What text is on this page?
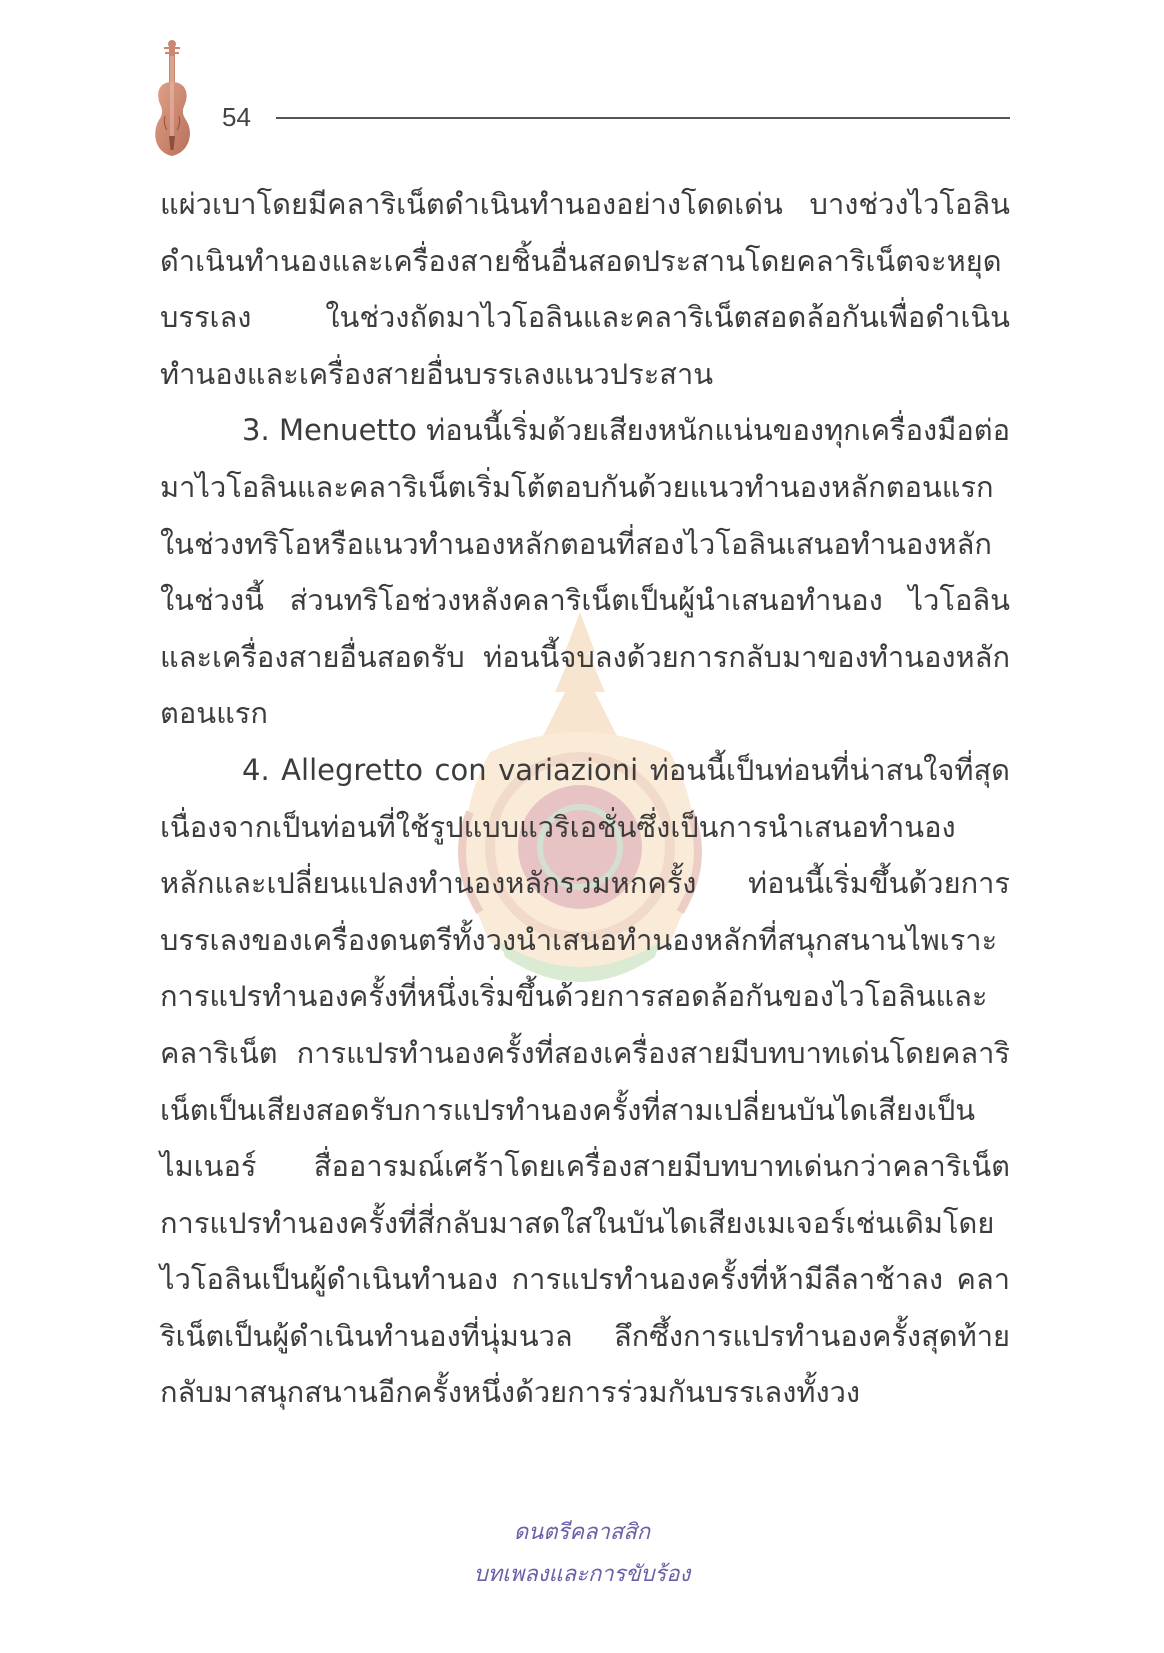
54

แผ่วเบาโดยมีคลาริเน็ตดำเนินทำนองอย่างโดดเด่น บางช่วงไวโอลินดำเนินทำนองและเครื่องสายชิ้นอื่นสอดประสานโดยคลาริเน็ตจะหยุดบรรเลง ในช่วงถัดมาไวโอลินและคลาริเน็ตสอดล้อกันเพื่อดำเนินทำนองและเครื่องสายอื่นบรรเลงแนวประสาน

3. Menuetto ท่อนนี้เริ่มด้วยเสียงหนักแน่นของทุกเครื่องมือต่อมาไวโอลินและคลาริเน็ตเริ่มโต้ตอบกันด้วยแนวทำนองหลักตอนแรกในช่วงทริโอหรือแนวทำนองหลักตอนที่สองไวโอลินเสนอทำนองหลักในช่วงนี้ ส่วนทริโอช่วงหลังคลาริเน็ตเป็นผู้นำเสนอทำนอง ไวโอลินและเครื่องสายอื่นสอดรับ ท่อนนี้จบลงด้วยการกลับมาของทำนองหลักตอนแรก

4. Allegretto con variazioni ท่อนนี้เป็นท่อนที่น่าสนใจที่สุดเนื่องจากเป็นท่อนที่ใช้รูปแบบแวริเอชั่นซึ่งเป็นการนำเสนอทำนองหลักและเปลี่ยนแปลงทำนองหลักรวมหกครั้ง ท่อนนี้เริ่มขึ้นด้วยการบรรเลงของเครื่องดนตรีทั้งวงนำเสนอทำนองหลักที่สนุกสนานไพเราะ การแปรทำนองครั้งที่หนึ่งเริ่มขึ้นด้วยการสอดล้อกันของไวโอลินและคลาริเน็ต การแปรทำนองครั้งที่สองเครื่องสายมีบทบาทเด่นโดยคลาริเน็ตเป็นเสียงสอดรับการแปรทำนองครั้งที่สามเปลี่ยนบันไดเสียงเป็นไมเนอร์ สื่ออารมณ์เศร้าโดยเครื่องสายมีบทบาทเด่นกว่าคลาริเน็ต การแปรทำนองครั้งที่สี่กลับมาสดใสในบันไดเสียงเมเจอร์เช่นเดิมโดยไวโอลินเป็นผู้ดำเนินทำนอง การแปรทำนองครั้งที่ห้ามีลีลาช้าลง คลาริเน็ตเป็นผู้ดำเนินทำนองที่นุ่มนวล ลึกซึ้งการแปรทำนองครั้งสุดท้ายกลับมาสนุกสนานอีกครั้งหนึ่งด้วยการร่วมกันบรรเลงทั้งวง

ดนตรีคลาสสิก
บทเพลงและการขับร้อง
